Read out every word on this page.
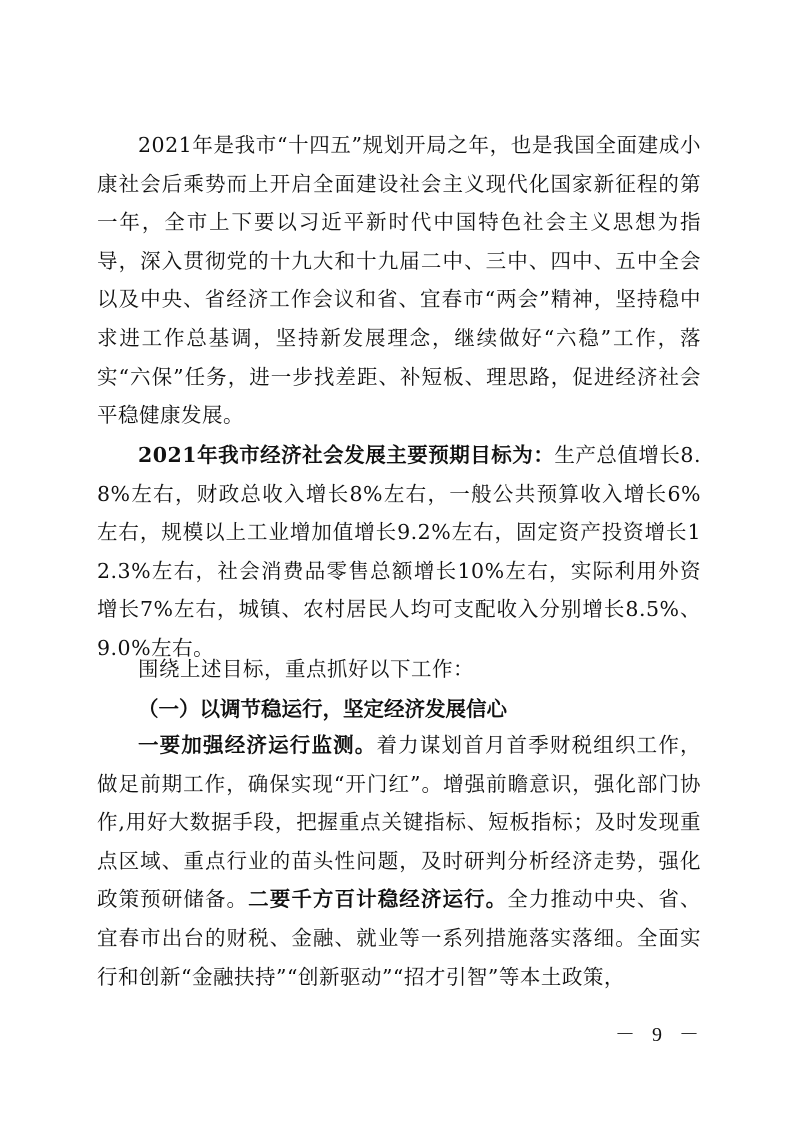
2021年是我市“十四五”规划开局之年，也是我国全面建成小康社会后乘势而上开启全面建设社会主义现代化国家新征程的第一年，全市上下要以习近平新时代中国特色社会主义思想为指导，深入贯彻党的十九大和十九届二中、三中、四中、五中全会以及中央、省经济工作会议和省、宜春市“两会”精神，坚持稳中求进工作总基调，坚持新发展理念，继续做好“六稳”工作，落实“六保”任务，进一步找差距、补短板、理思路，促进经济社会平稳健康发展。

2021年我市经济社会发展主要预期目标为：生产总值增长8.8%左右，财政总收入增长8%左右，一般公共预算收入增长6%左右，规模以上工业增加值增长9.2%左右，固定资产投资增长12.3%左右，社会消费品零售总额增长10%左右，实际利用外资增长7%左右，城镇、农村居民人均可支配收入分别增长8.5%、9.0%左右。

围绕上述目标，重点抓好以下工作：

（一）以调节稳运行，坚定经济发展信心

一要加强经济运行监测。着力谋划首月首季财税组织工作，做足前期工作，确保实现“开门红”。增强前瞻意识，强化部门协作,用好大数据手段，把握重点关键指标、短板指标；及时发现重点区域、重点行业的苗头性问题，及时研判分析经济走势，强化政策预研储备。二要千方百计稳经济运行。全力推动中央、省、宜春市出台的财税、金融、就业等一系列措施落实落细。全面实行和创新“金融扶持”“创新驱动”“招才引智”等本土政策，

－ 9 －
